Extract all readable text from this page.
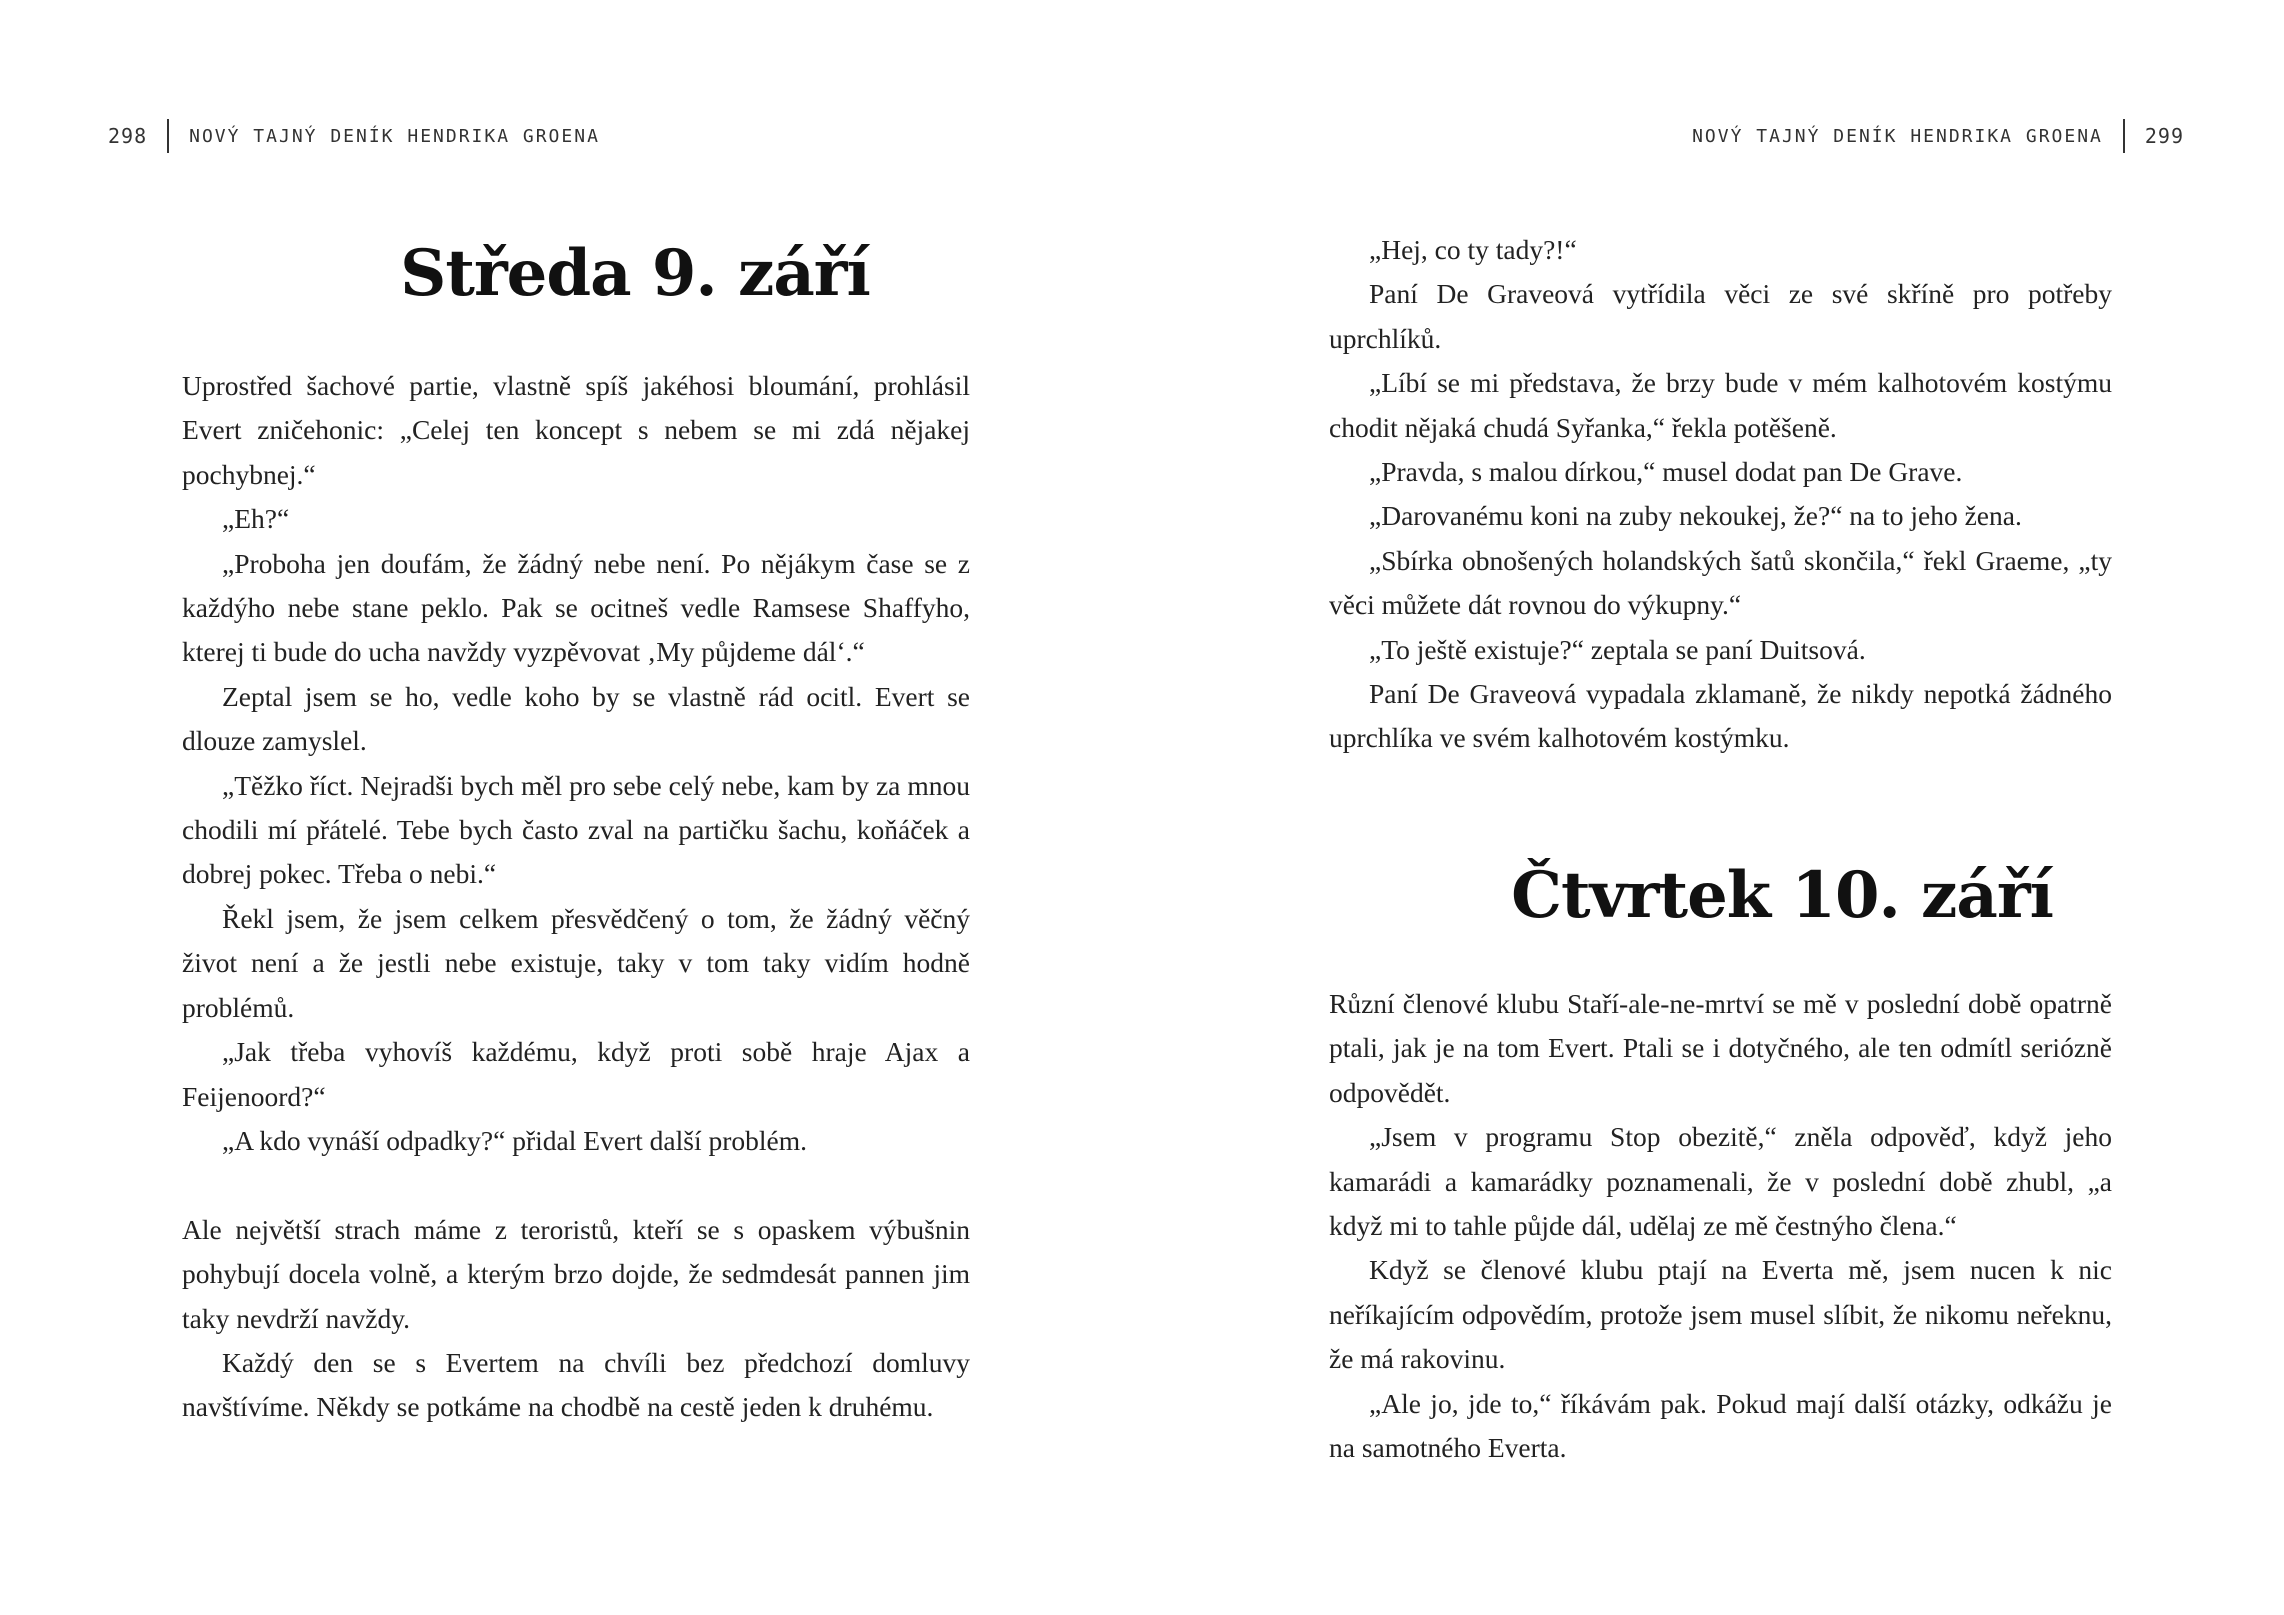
298 NOVÝ TAJNÝ DENÍK HENDRIKA GROENA
Středa 9. září

Uprostřed šachové partie, vlastně spíš jakéhosi bloumání, prohlásil Evert zničehonic: „Celej ten koncept s nebem se mi zdá nějakej pochybnej.“

„Eh?“

„Proboha jen doufám, že žádný nebe není. Po nějákym čase se z každýho nebe stane peklo. Pak se ocitneš vedle Ramsese Shaffyho, kterej ti bude do ucha navždy vyzpěvovat ‚My půjdeme dál‘.“

Zeptal jsem se ho, vedle koho by se vlastně rád ocitl. Evert se dlouze zamyslel.

„Těžko říct. Nejradši bych měl pro sebe celý nebe, kam by za mnou chodili mí přátelé. Tebe bych často zval na partičku šachu, koňáček a dobrej pokec. Třeba o nebi.“

Řekl jsem, že jsem celkem přesvědčený o tom, že žádný věčný život není a že jestli nebe existuje, taky v tom taky vidím hodně problémů.

„Jak třeba vyhovíš každému, když proti sobě hraje Ajax a Feijenoord?“

„A kdo vynáší odpadky?“ přidal Evert další problém.

Ale největší strach máme z teroristů, kteří se s opaskem výbušnin pohybují docela volně, a kterým brzo dojde, že sedmdesát pannen jim taky nevdrží navždy.

Každý den se s Evertem na chvíli bez předchozí domluvy navštívíme. Někdy se potkáme na chodbě na cestě jeden k druhému.

NOVÝ TAJNÝ DENÍK HENDRIKA GROENA 299

„Hej, co ty tady?!“

Paní De Graveová vytřídila věci ze své skříně pro potřeby uprchlíků.

„Líbí se mi představa, že brzy bude v mém kalhotovém kostýmu chodit nějaká chudá Syřanka,“ řekla potěšeně.

„Pravda, s malou dírkou,“ musel dodat pan De Grave.

„Darovanému koni na zuby nekoukej, že?“ na to jeho žena.

„Sbírka obnošených holandských šatů skončila,“ řekl Graeme, „ty věci můžete dát rovnou do výkupny.“

„To ještě existuje?“ zeptala se paní Duitsová.

Paní De Graveová vypadala zklamaně, že nikdy nepotká žádného uprchlíka ve svém kalhotovém kostýmku.

Čtvrtek 10. září

Různí členové klubu Staří-ale-ne-mrtví se mě v poslední době opatrně ptali, jak je na tom Evert. Ptali se i dotyčného, ale ten odmítl seriózně odpovědět.

„Jsem v programu Stop obezitě,“ zněla odpověď, když jeho kamarádi a kamarádky poznamenali, že v poslední době zhubl, „a když mi to tahle půjde dál, udělaj ze mě čestnýho člena.“

Když se členové klubu ptají na Everta mě, jsem nucen k nic neříkajícím odpovědím, protože jsem musel slíbit, že nikomu neřeknu, že má rakovinu.

„Ale jo, jde to,“ říkávám pak. Pokud mají další otázky, odkážu je na samotného Everta.
